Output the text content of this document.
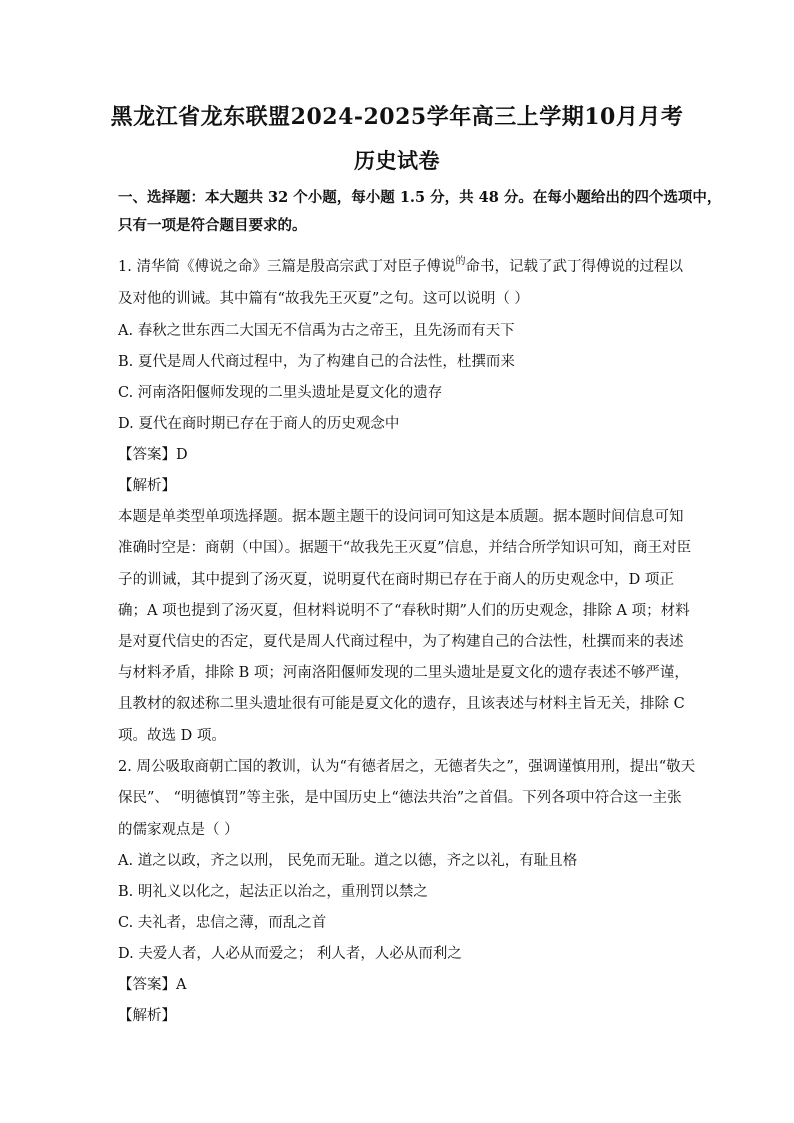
黑龙江省龙东联盟2024-2025学年高三上学期10月月考
历史试卷
一、选择题：本大题共 32 个小题，每小题 1.5 分，共 48 分。在每小题给出的四个选项中，
只有一项是符合题目要求的。
1. 清华简《傅说之命》三篇是殷高宗武丁对臣子傅说$^的$命书，记载了武丁得傅说的过程以
及对他的训诫。其中篇有“故我先王灭夏”之句。这可以说明（ ）
A. 春秋之世东西二大国无不信禹为古之帝王，且先汤而有天下
B. 夏代是周人代商过程中，为了构建自己的合法性，杜撰而来
C. 河南洛阳偃师发现的二里头遗址是夏文化的遗存
D. 夏代在商时期已存在于商人的历史观念中
【答案】D
【解析】
本题是单类型单项选择题。据本题主题干的设问词可知这是本质题。据本题时间信息可知
准确时空是：商朝（中国）。据题干“故我先王灭夏”信息，并结合所学知识可知，商王对臣
子的训诫，其中提到了汤灭夏，说明夏代在商时期已存在于商人的历史观念中，D 项正
确；A 项也提到了汤灭夏，但材料说明不了“春秋时期”人们的历史观念，排除 A 项；材料
是对夏代信史的否定，夏代是周人代商过程中，为了构建自己的合法性，杜撰而来的表述
与材料矛盾，排除 B 项；河南洛阳偃师发现的二里头遗址是夏文化的遗存表述不够严谨，
且教材的叙述称二里头遗址很有可能是夏文化的遗存，且该表述与材料主旨无关，排除 C
项。故选 D 项。
2. 周公吸取商朝亡国的教训，认为“有德者居之，无德者失之”，强调谨慎用刑，提出“敬天
保民”、 “明德慎罚”等主张，是中国历史上“德法共治”之首倡。下列各项中符合这一主张
的儒家观点是（ ）
A. 道之以政，齐之以刑， 民免而无耻。道之以德，齐之以礼，有耻且格
B. 明礼义以化之，起法正以治之，重刑罚以禁之
C. 夫礼者，忠信之薄，而乱之首
D. 夫爱人者，人必从而爱之； 利人者，人必从而利之
【答案】A
【解析】
